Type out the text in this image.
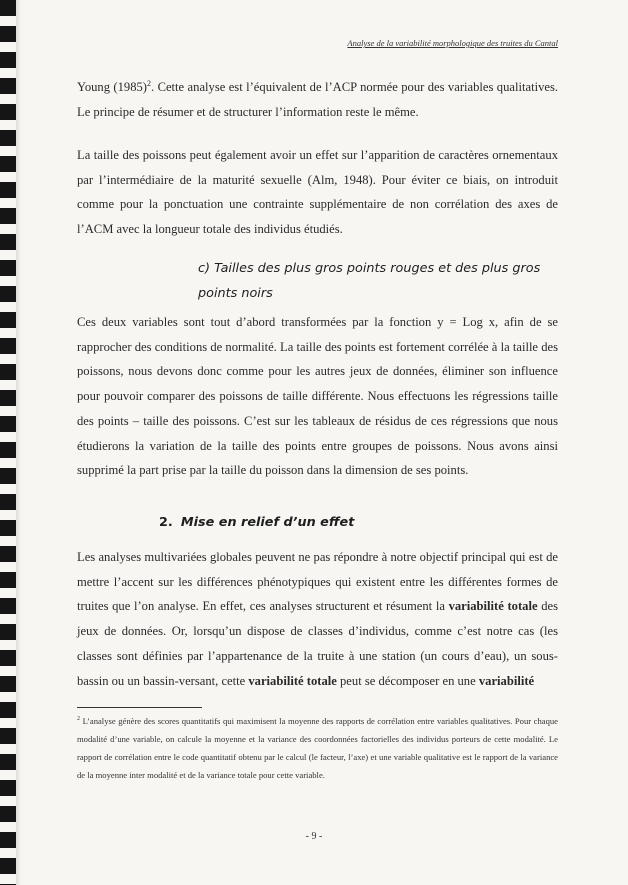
Analyse de la variabilité morphologique des truites du Cantal

Young $(1985)^2$. Cette analyse est l’équivalent de l’ACP normée pour des variables qualitatives. Le principe de résumer et de structurer l’information reste le même.

La taille des poissons peut également avoir un effet sur l’apparition de caractères ornementaux par l’intermédiaire de la maturité sexuelle (Alm, 1948). Pour éviter ce biais, on introduit comme pour la ponctuation une contrainte supplémentaire de non corrélation des axes de l’ACM avec la longueur totale des individus étudiés.

c) Tailles des plus gros points rouges et des plus gros points noirs

Ces deux variables sont tout d’abord transformées par la fonction y = Log x, afin de se rapprocher des conditions de normalité. La taille des points est fortement corrélée à la taille des poissons, nous devons donc comme pour les autres jeux de données, éliminer son influence pour pouvoir comparer des poissons de taille différente. Nous effectuons les régressions taille des points – taille des poissons. C’est sur les tableaux de résidus de ces régressions que nous étudierons la variation de la taille des points entre groupes de poissons. Nous avons ainsi supprimé la part prise par la taille du poisson dans la dimension de ses points.

2. Mise en relief d’un effet

Les analyses multivariées globales peuvent ne pas répondre à notre objectif principal qui est de mettre l’accent sur les différences phénotypiques qui existent entre les différentes formes de truites que l’on analyse. En effet, ces analyses structurent et résument la variabilité totale des jeux de données. Or, lorsqu’un dispose de classes d’individus, comme c’est notre cas (les classes sont définies par l’appartenance de la truite à une station (un cours d’eau), un sous-bassin ou un bassin-versant, cette variabilité totale peut se décomposer en une variabilité

$^2$ L’analyse génère des scores quantitatifs qui maximisent la moyenne des rapports de corrélation entre variables qualitatives. Pour chaque modalité d’une variable, on calcule la moyenne et la variance des coordonnées factorielles des individus porteurs de cette modalité. Le rapport de corrélation entre le code quantitatif obtenu par le calcul (le facteur, l’axe) et une variable qualitative est le rapport de la variance de la moyenne inter modalité et de la variance totale pour cette variable.

- 9 -
